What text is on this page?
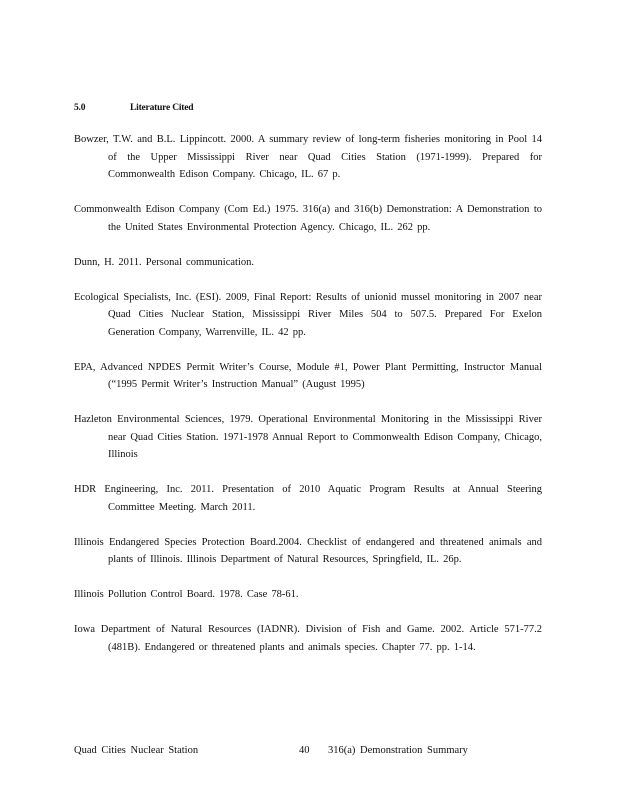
5.0	Literature Cited

Bowzer, T.W. and B.L. Lippincott. 2000. A summary review of long-term fisheries monitoring in Pool 14 of the Upper Mississippi River near Quad Cities Station (1971-1999). Prepared for Commonwealth Edison Company. Chicago, IL. 67 p.

Commonwealth Edison Company (Com Ed.) 1975. 316(a) and 316(b) Demonstration: A Demonstration to the United States Environmental Protection Agency. Chicago, IL. 262 pp.

Dunn, H. 2011. Personal communication.

Ecological Specialists, Inc. (ESI). 2009, Final Report: Results of unionid mussel monitoring in 2007 near Quad Cities Nuclear Station, Mississippi River Miles 504 to 507.5. Prepared For Exelon Generation Company, Warrenville, IL. 42 pp.

EPA, Advanced NPDES Permit Writer’s Course, Module #1, Power Plant Permitting, Instructor Manual (“1995 Permit Writer’s Instruction Manual” (August 1995)

Hazleton Environmental Sciences, 1979. Operational Environmental Monitoring in the Mississippi River near Quad Cities Station. 1971-1978 Annual Report to Commonwealth Edison Company, Chicago, Illinois

HDR Engineering, Inc. 2011. Presentation of 2010 Aquatic Program Results at Annual Steering Committee Meeting. March 2011.

Illinois Endangered Species Protection Board.2004. Checklist of endangered and threatened animals and plants of Illinois. Illinois Department of Natural Resources, Springfield, IL. 26p.

Illinois Pollution Control Board. 1978. Case 78-61.

Iowa Department of Natural Resources (IADNR). Division of Fish and Game. 2002. Article 571-77.2 (481B). Endangered or threatened plants and animals species. Chapter 77. pp. 1-14.

Quad Cities Nuclear Station	40 316(a) Demonstration Summary
